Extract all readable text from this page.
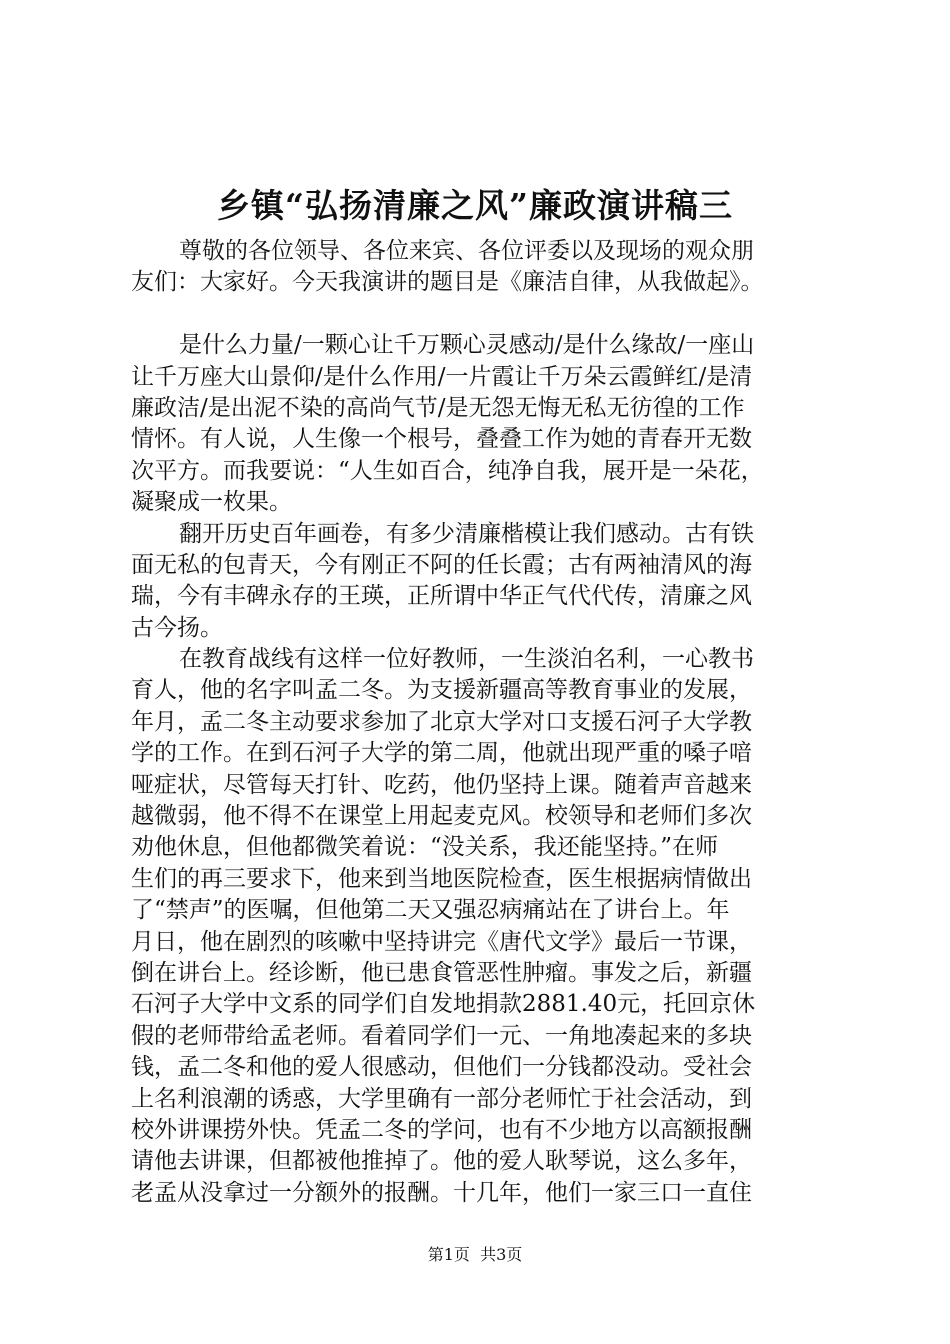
乡镇“弘扬清廉之风”廉政演讲稿三
尊敬的各位领导、各位来宾、各位评委以及现场的观众朋
友们：大家好。今天我演讲的题目是《廉洁自律，从我做起》。
是什么力量/一颗心让千万颗心灵感动/是什么缘故/一座山
让千万座大山景仰/是什么作用/一片霞让千万朵云霞鲜红/是清
廉政洁/是出泥不染的高尚气节/是无怨无悔无私无彷徨的工作
情怀。有人说，人生像一个根号，叠叠工作为她的青春开无数
次平方。而我要说：“人生如百合，纯净自我，展开是一朵花，
凝聚成一枚果。
翻开历史百年画卷，有多少清廉楷模让我们感动。古有铁
面无私的包青天，今有刚正不阿的任长霞；古有两袖清风的海
瑞，今有丰碑永存的王瑛，正所谓中华正气代代传，清廉之风
古今扬。
在教育战线有这样一位好教师，一生淡泊名利，一心教书
育人，他的名字叫孟二冬。为支援新疆高等教育事业的发展，
年月，孟二冬主动要求参加了北京大学对口支援石河子大学教
学的工作。在到石河子大学的第二周，他就出现严重的嗓子喑
哑症状，尽管每天打针、吃药，他仍坚持上课。随着声音越来
越微弱，他不得不在课堂上用起麦克风。校领导和老师们多次
劝他休息，但他都微笑着说：“没关系，我还能坚持。”在师
生们的再三要求下，他来到当地医院检查，医生根据病情做出
了“禁声”的医嘱，但他第二天又强忍病痛站在了讲台上。年
月日，他在剧烈的咳嗽中坚持讲完《唐代文学》最后一节课，
倒在讲台上。经诊断，他已患食管恶性肿瘤。事发之后，新疆
石河子大学中文系的同学们自发地捐款2881.40元，托回京休
假的老师带给孟老师。看着同学们一元、一角地凑起来的多块
钱，孟二冬和他的爱人很感动，但他们一分钱都没动。受社会
上名利浪潮的诱惑，大学里确有一部分老师忙于社会活动，到
校外讲课捞外快。凭孟二冬的学问，也有不少地方以高额报酬
请他去讲课，但都被他推掉了。他的爱人耿琴说，这么多年，
老孟从没拿过一分额外的报酬。十几年，他们一家三口一直住
第1页  共3页
